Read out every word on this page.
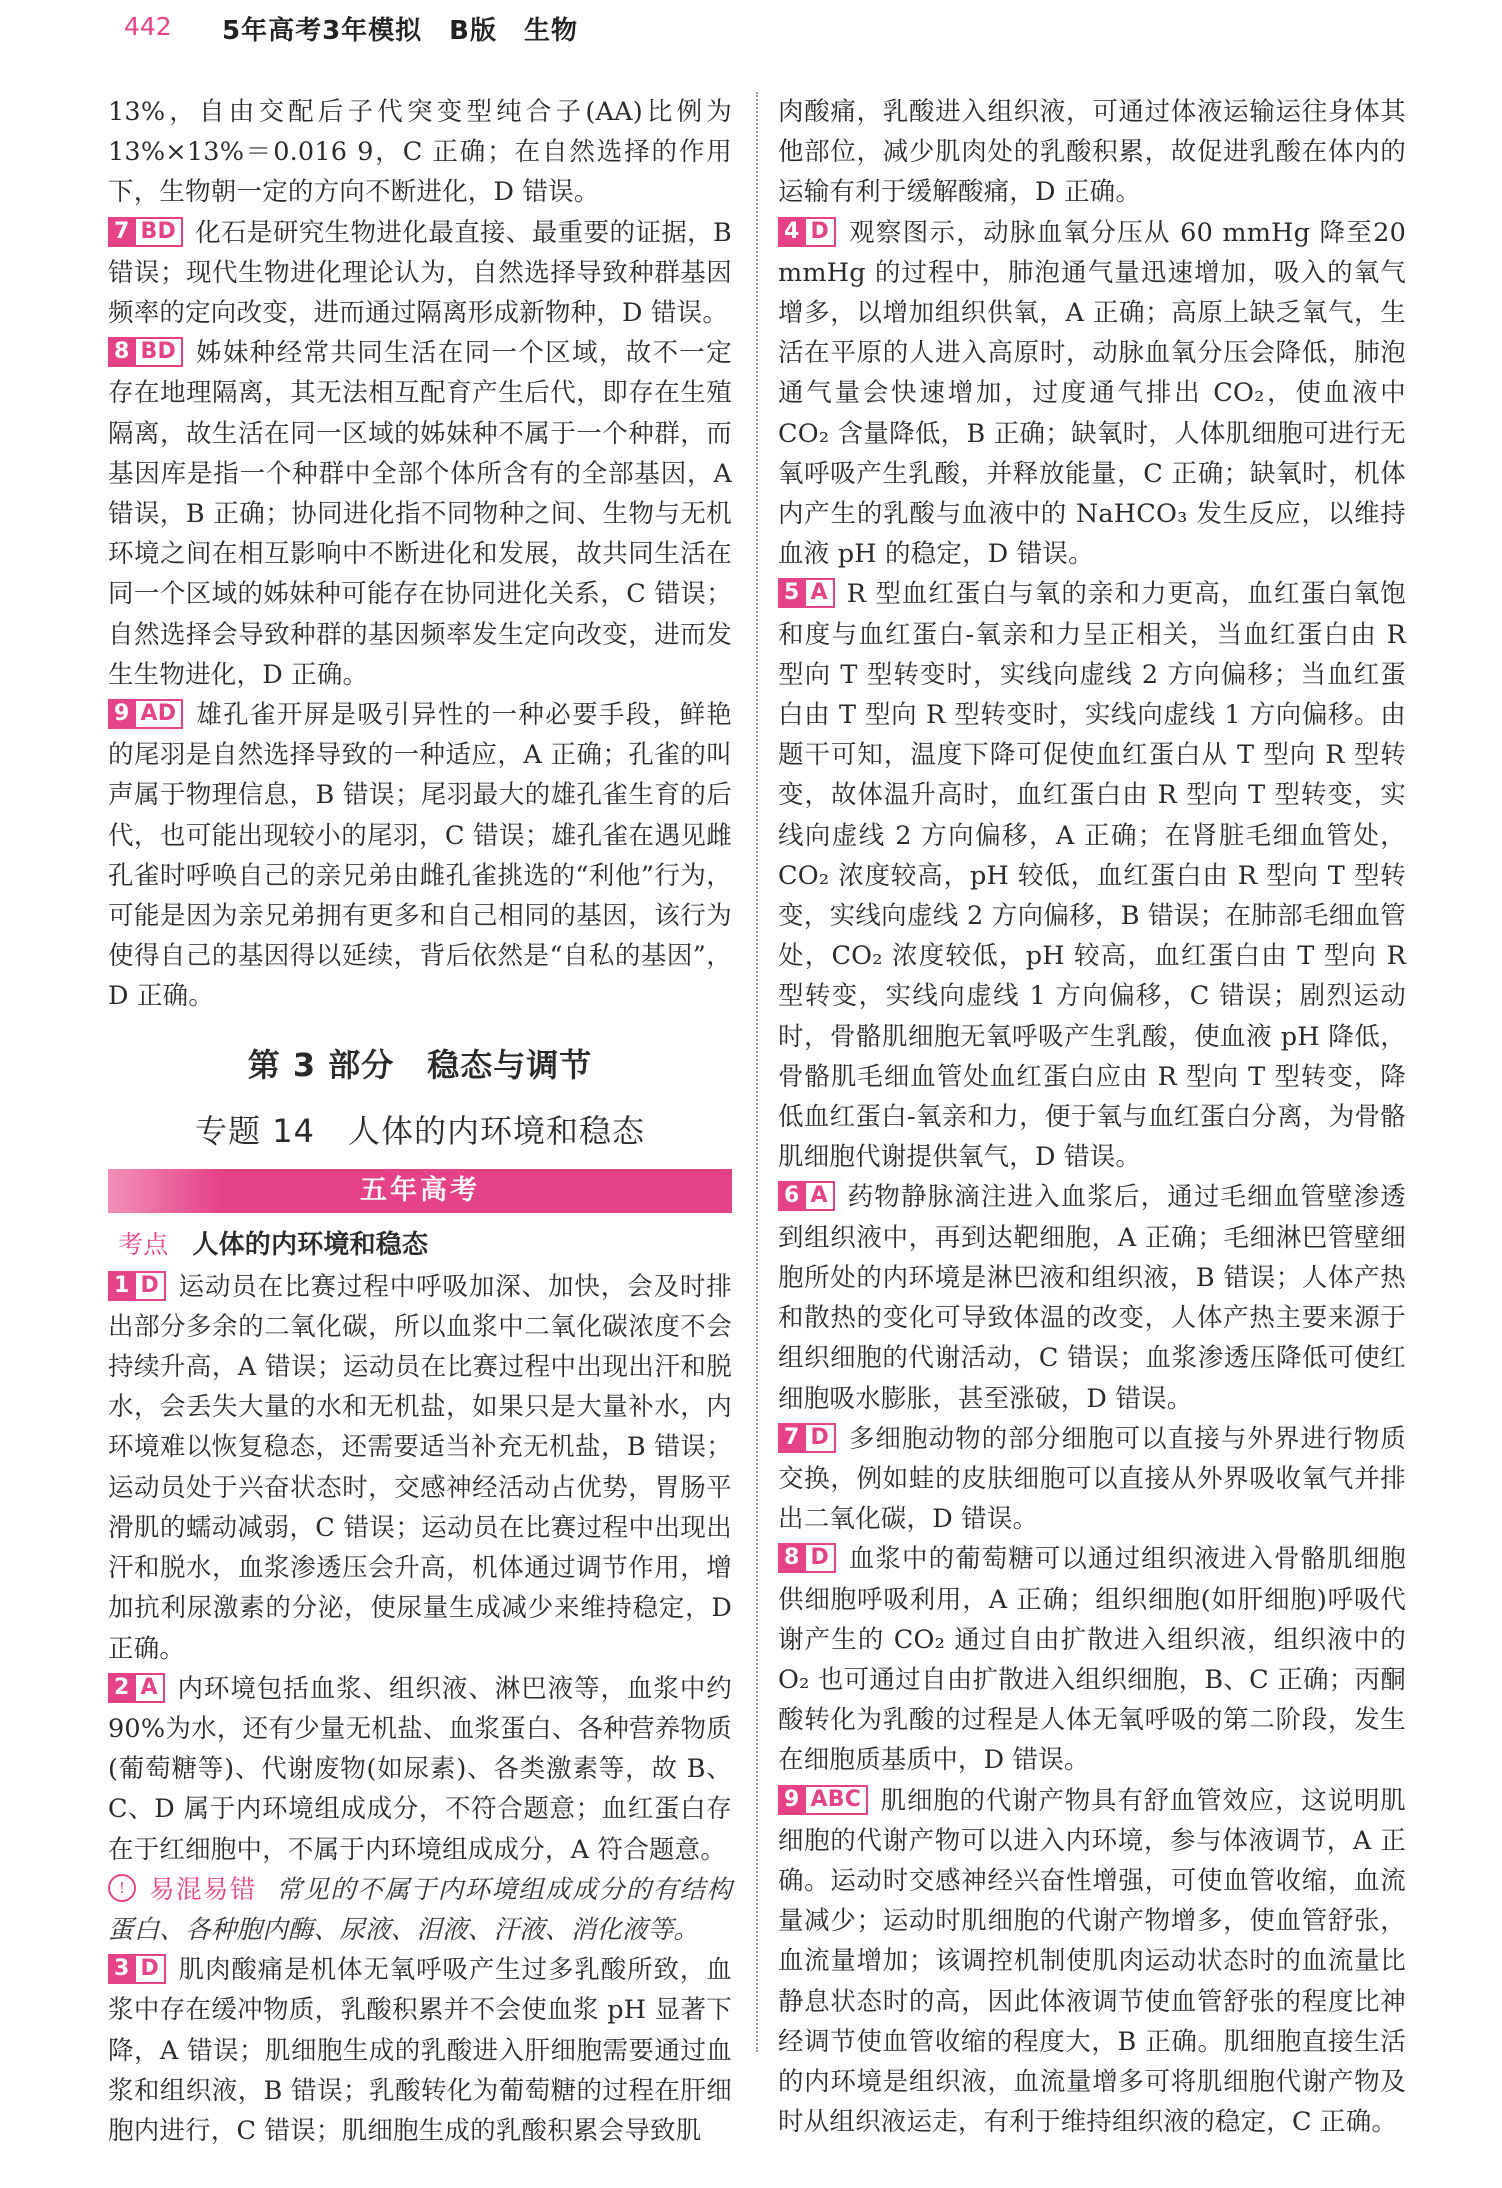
442 5年高考3年模拟　B版　生物

13%，自由交配后子代突变型纯合子(AA)比例为13%×13%＝0.016 9，C 正确；在自然选择的作用下，生物朝一定的方向不断进化，D 错误。

7 BD 化石是研究生物进化最直接、最重要的证据，B 错误；现代生物进化理论认为，自然选择导致种群基因频率的定向改变，进而通过隔离形成新物种，D 错误。

8 BD 姊妹种经常共同生活在同一个区域，故不一定存在地理隔离，其无法相互配育产生后代，即存在生殖隔离，故生活在同一区域的姊妹种不属于一个种群，而基因库是指一个种群中全部个体所含有的全部基因，A 错误，B 正确；协同进化指不同物种之间、生物与无机环境之间在相互影响中不断进化和发展，故共同生活在同一个区域的姊妹种可能存在协同进化关系，C 错误；自然选择会导致种群的基因频率发生定向改变，进而发生生物进化，D 正确。

9 AD 雄孔雀开屏是吸引异性的一种必要手段，鲜艳的尾羽是自然选择导致的一种适应，A 正确；孔雀的叫声属于物理信息，B 错误；尾羽最大的雄孔雀生育的后代，也可能出现较小的尾羽，C 错误；雄孔雀在遇见雌孔雀时呼唤自己的亲兄弟由雌孔雀挑选的“利他”行为，可能是因为亲兄弟拥有更多和自己相同的基因，该行为使得自己的基因得以延续，背后依然是“自私的基因”，D 正确。

第 3 部分　稳态与调节
专题 14　人体的内环境和稳态
五年高考
考点 人体的内环境和稳态

1 D 运动员在比赛过程中呼吸加深、加快，会及时排出部分多余的二氧化碳，所以血浆中二氧化碳浓度不会持续升高，A 错误；运动员在比赛过程中出现出汗和脱水，会丢失大量的水和无机盐，如果只是大量补水，内环境难以恢复稳态，还需要适当补充无机盐，B 错误；运动员处于兴奋状态时，交感神经活动占优势，胃肠平滑肌的蠕动减弱，C 错误；运动员在比赛过程中出现出汗和脱水，血浆渗透压会升高，机体通过调节作用，增加抗利尿激素的分泌，使尿量生成减少来维持稳定，D 正确。

2 A 内环境包括血浆、组织液、淋巴液等，血浆中约90%为水，还有少量无机盐、血浆蛋白、各种营养物质(葡萄糖等)、代谢废物(如尿素)、各类激素等，故 B、C、D 属于内环境组成成分，不符合题意；血红蛋白存在于红细胞中，不属于内环境组成成分，A 符合题意。

! 易混易错 常见的不属于内环境组成成分的有结构蛋白、各种胞内酶、尿液、泪液、汗液、消化液等。

3 D 肌肉酸痛是机体无氧呼吸产生过多乳酸所致，血浆中存在缓冲物质，乳酸积累并不会使血浆 pH 显著下降，A 错误；肌细胞生成的乳酸进入肝细胞需要通过血浆和组织液，B 错误；乳酸转化为葡萄糖的过程在肝细胞内进行，C 错误；肌细胞生成的乳酸积累会导致肌

肉酸痛，乳酸进入组织液，可通过体液运输运往身体其他部位，减少肌肉处的乳酸积累，故促进乳酸在体内的运输有利于缓解酸痛，D 正确。

4 D 观察图示，动脉血氧分压从 60 mmHg 降至20 mmHg 的过程中，肺泡通气量迅速增加，吸入的氧气增多，以增加组织供氧，A 正确；高原上缺乏氧气，生活在平原的人进入高原时，动脉血氧分压会降低，肺泡通气量会快速增加，过度通气排出 CO₂，使血液中 CO₂ 含量降低，B 正确；缺氧时，人体肌细胞可进行无氧呼吸产生乳酸，并释放能量，C 正确；缺氧时，机体内产生的乳酸与血液中的 NaHCO₃ 发生反应，以维持血液 pH 的稳定，D 错误。

5 A R 型血红蛋白与氧的亲和力更高，血红蛋白氧饱和度与血红蛋白-氧亲和力呈正相关，当血红蛋白由 R 型向 T 型转变时，实线向虚线 2 方向偏移；当血红蛋白由 T 型向 R 型转变时，实线向虚线 1 方向偏移。由题干可知，温度下降可促使血红蛋白从 T 型向 R 型转变，故体温升高时，血红蛋白由 R 型向 T 型转变，实线向虚线 2 方向偏移，A 正确；在肾脏毛细血管处，CO₂ 浓度较高，pH 较低，血红蛋白由 R 型向 T 型转变，实线向虚线 2 方向偏移，B 错误；在肺部毛细血管处，CO₂ 浓度较低，pH 较高，血红蛋白由 T 型向 R 型转变，实线向虚线 1 方向偏移，C 错误；剧烈运动时，骨骼肌细胞无氧呼吸产生乳酸，使血液 pH 降低，骨骼肌毛细血管处血红蛋白应由 R 型向 T 型转变，降低血红蛋白-氧亲和力，便于氧与血红蛋白分离，为骨骼肌细胞代谢提供氧气，D 错误。

6 A 药物静脉滴注进入血浆后，通过毛细血管壁渗透到组织液中，再到达靶细胞，A 正确；毛细淋巴管壁细胞所处的内环境是淋巴液和组织液，B 错误；人体产热和散热的变化可导致体温的改变，人体产热主要来源于组织细胞的代谢活动，C 错误；血浆渗透压降低可使红细胞吸水膨胀，甚至涨破，D 错误。

7 D 多细胞动物的部分细胞可以直接与外界进行物质交换，例如蛙的皮肤细胞可以直接从外界吸收氧气并排出二氧化碳，D 错误。

8 D 血浆中的葡萄糖可以通过组织液进入骨骼肌细胞供细胞呼吸利用，A 正确；组织细胞(如肝细胞)呼吸代谢产生的 CO₂ 通过自由扩散进入组织液，组织液中的 O₂ 也可通过自由扩散进入组织细胞，B、C 正确；丙酮酸转化为乳酸的过程是人体无氧呼吸的第二阶段，发生在细胞质基质中，D 错误。

9 ABC 肌细胞的代谢产物具有舒血管效应，这说明肌细胞的代谢产物可以进入内环境，参与体液调节，A 正确。运动时交感神经兴奋性增强，可使血管收缩，血流量减少；运动时肌细胞的代谢产物增多，使血管舒张，血流量增加；该调控机制使肌肉运动状态时的血流量比静息状态时的高，因此体液调节使血管舒张的程度比神经调节使血管收缩的程度大，B 正确。肌细胞直接生活的内环境是组织液，血流量增多可将肌细胞代谢产物及时从组织液运走，有利于维持组织液的稳定，C 正确。
